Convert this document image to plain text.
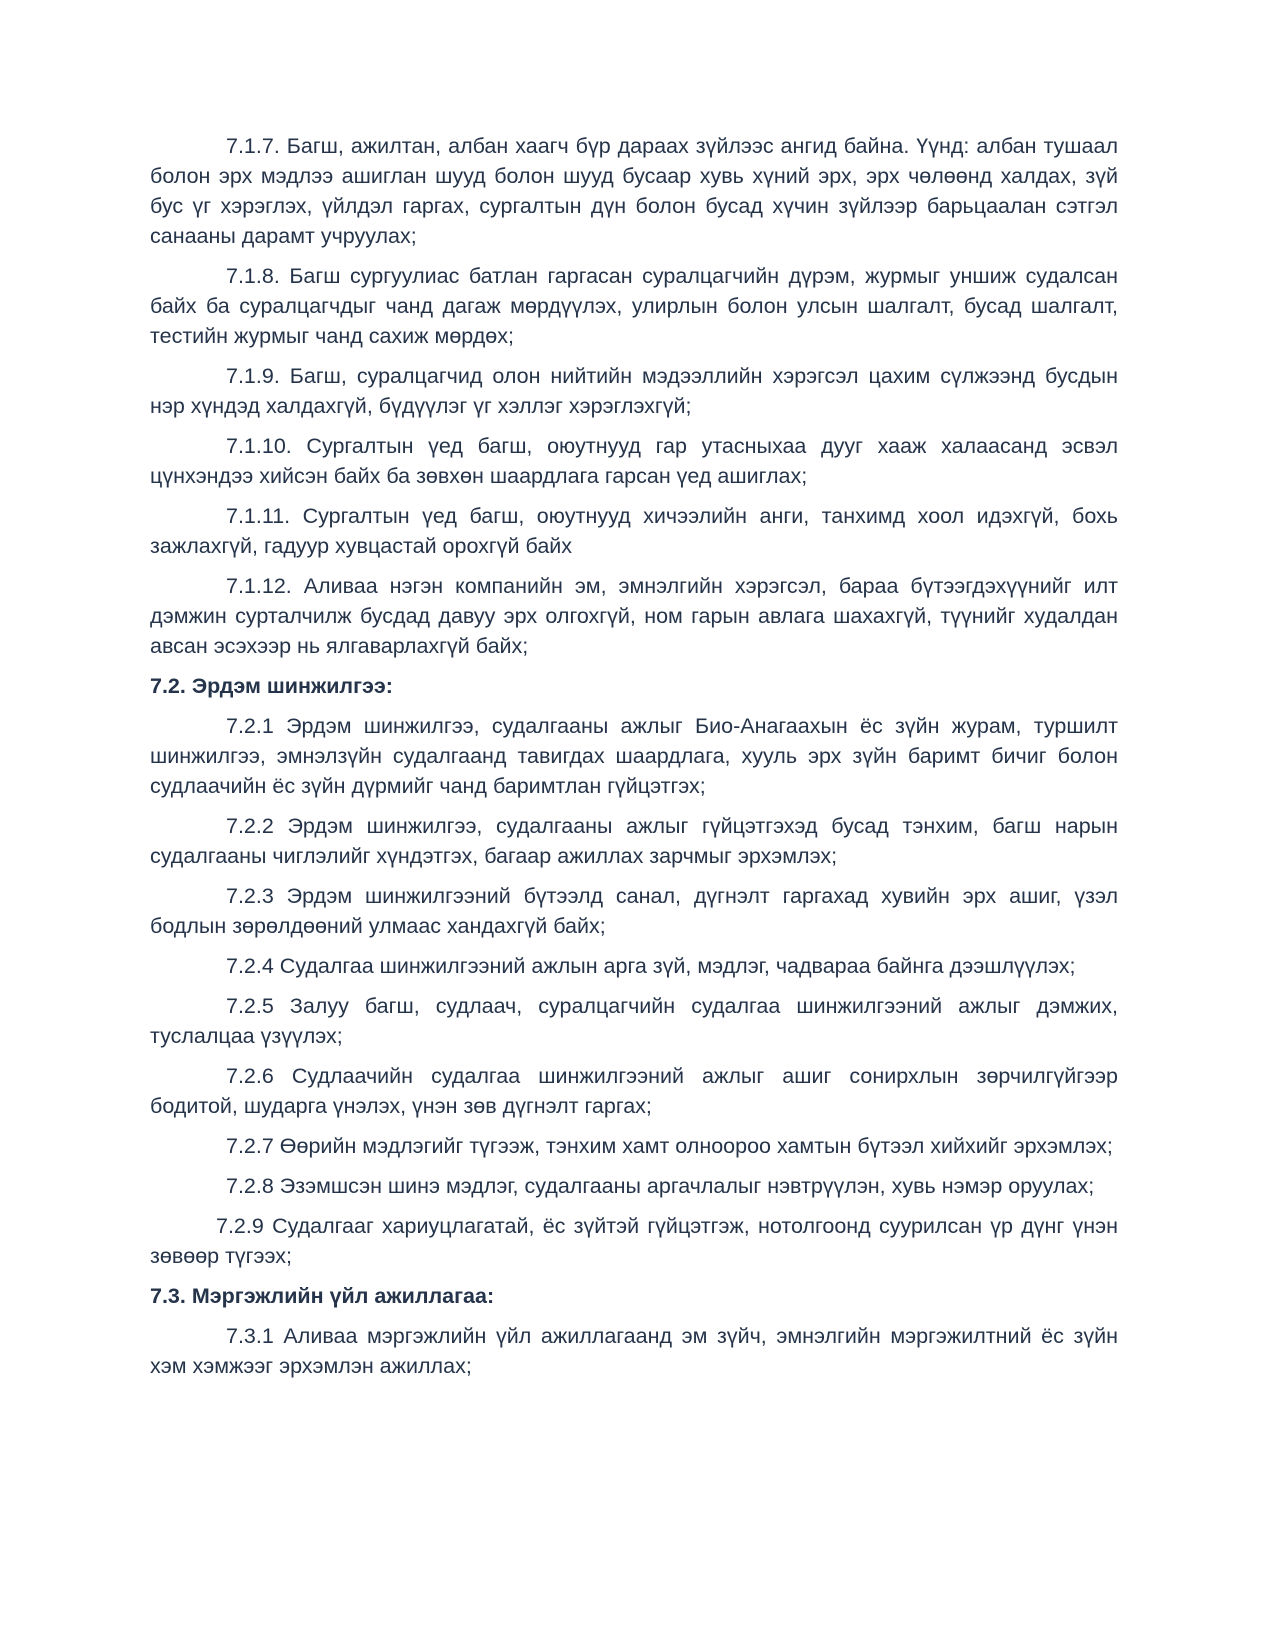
7.1.7. Багш, ажилтан, албан хаагч бүр дараах зүйлээс ангид байна. Үүнд: албан тушаал болон эрх мэдлээ ашиглан шууд болон шууд бусаар хувь хүний эрх, эрх чөлөөнд халдах, зүй бус үг хэрэглэх, үйлдэл гаргах, сургалтын дүн болон бусад хүчин зүйлээр барьцаалан сэтгэл санааны дарамт учруулах;

7.1.8. Багш сургуулиас батлан гаргасан суралцагчийн дүрэм, журмыг уншиж судалсан байх ба суралцагчдыг чанд дагаж мөрдүүлэх, улирлын болон улсын шалгалт, бусад шалгалт, тестийн журмыг чанд сахиж мөрдөх;

7.1.9. Багш, суралцагчид олон нийтийн мэдээллийн хэрэгсэл цахим сүлжээнд бусдын нэр хүндэд халдахгүй, бүдүүлэг үг хэллэг хэрэглэхгүй;

7.1.10. Сургалтын үед багш, оюутнууд гар утасныхаа дууг хааж халаасанд эсвэл цүнхэндээ хийсэн байх ба зөвхөн шаардлага гарсан үед ашиглах;

7.1.11. Сургалтын үед багш, оюутнууд хичээлийн анги, танхимд хоол идэхгүй, бохь зажлахгүй, гадуур хувцастай орохгүй байх

7.1.12. Аливаа нэгэн компанийн эм, эмнэлгийн хэрэгсэл, бараа бүтээгдэхүүнийг илт дэмжин сурталчилж бусдад давуу эрх олгохгүй, ном гарын авлага шахахгүй, түүнийг худалдан авсан эсэхээр нь ялгаварлахгүй байх;

7.2. Эрдэм шинжилгээ:

7.2.1 Эрдэм шинжилгээ, судалгааны ажлыг Био-Анагаахын ёс зүйн журам, туршилт шинжилгээ, эмнэлзүйн судалгаанд тавигдах шаардлага, хууль эрх зүйн баримт бичиг болон судлаачийн ёс зүйн дүрмийг чанд баримтлан гүйцэтгэх;

7.2.2 Эрдэм шинжилгээ, судалгааны ажлыг гүйцэтгэхэд бусад тэнхим, багш нарын судалгааны чиглэлийг хүндэтгэх, багаар ажиллах зарчмыг эрхэмлэх;

7.2.3 Эрдэм шинжилгээний бүтээлд санал, дүгнэлт гаргахад хувийн эрх ашиг, үзэл бодлын зөрөлдөөний улмаас хандахгүй байх;

7.2.4 Судалгаа шинжилгээний ажлын арга зүй, мэдлэг, чадвараа байнга дээшлүүлэх;

7.2.5 Залуу багш, судлаач, суралцагчийн судалгаа шинжилгээний ажлыг дэмжих, туслалцаа үзүүлэх;

7.2.6 Судлаачийн судалгаа шинжилгээний ажлыг ашиг сонирхлын зөрчилгүйгээр бодитой, шударга үнэлэх, үнэн зөв дүгнэлт гаргах;

7.2.7 Өөрийн мэдлэгийг түгээж, тэнхим хамт олноороо хамтын бүтээл хийхийг эрхэмлэх;

7.2.8 Эзэмшсэн шинэ мэдлэг, судалгааны аргачлалыг нэвтрүүлэн, хувь нэмэр оруулах;

7.2.9 Судалгааг хариуцлагатай, ёс зүйтэй гүйцэтгэж, нотолгоонд суурилсан үр дүнг үнэн зөвөөр түгээх;

7.3. Мэргэжлийн үйл ажиллагаа:

7.3.1 Аливаа мэргэжлийн үйл ажиллагаанд эм зүйч, эмнэлгийн мэргэжилтний ёс зүйн хэм хэмжээг эрхэмлэн ажиллах;
